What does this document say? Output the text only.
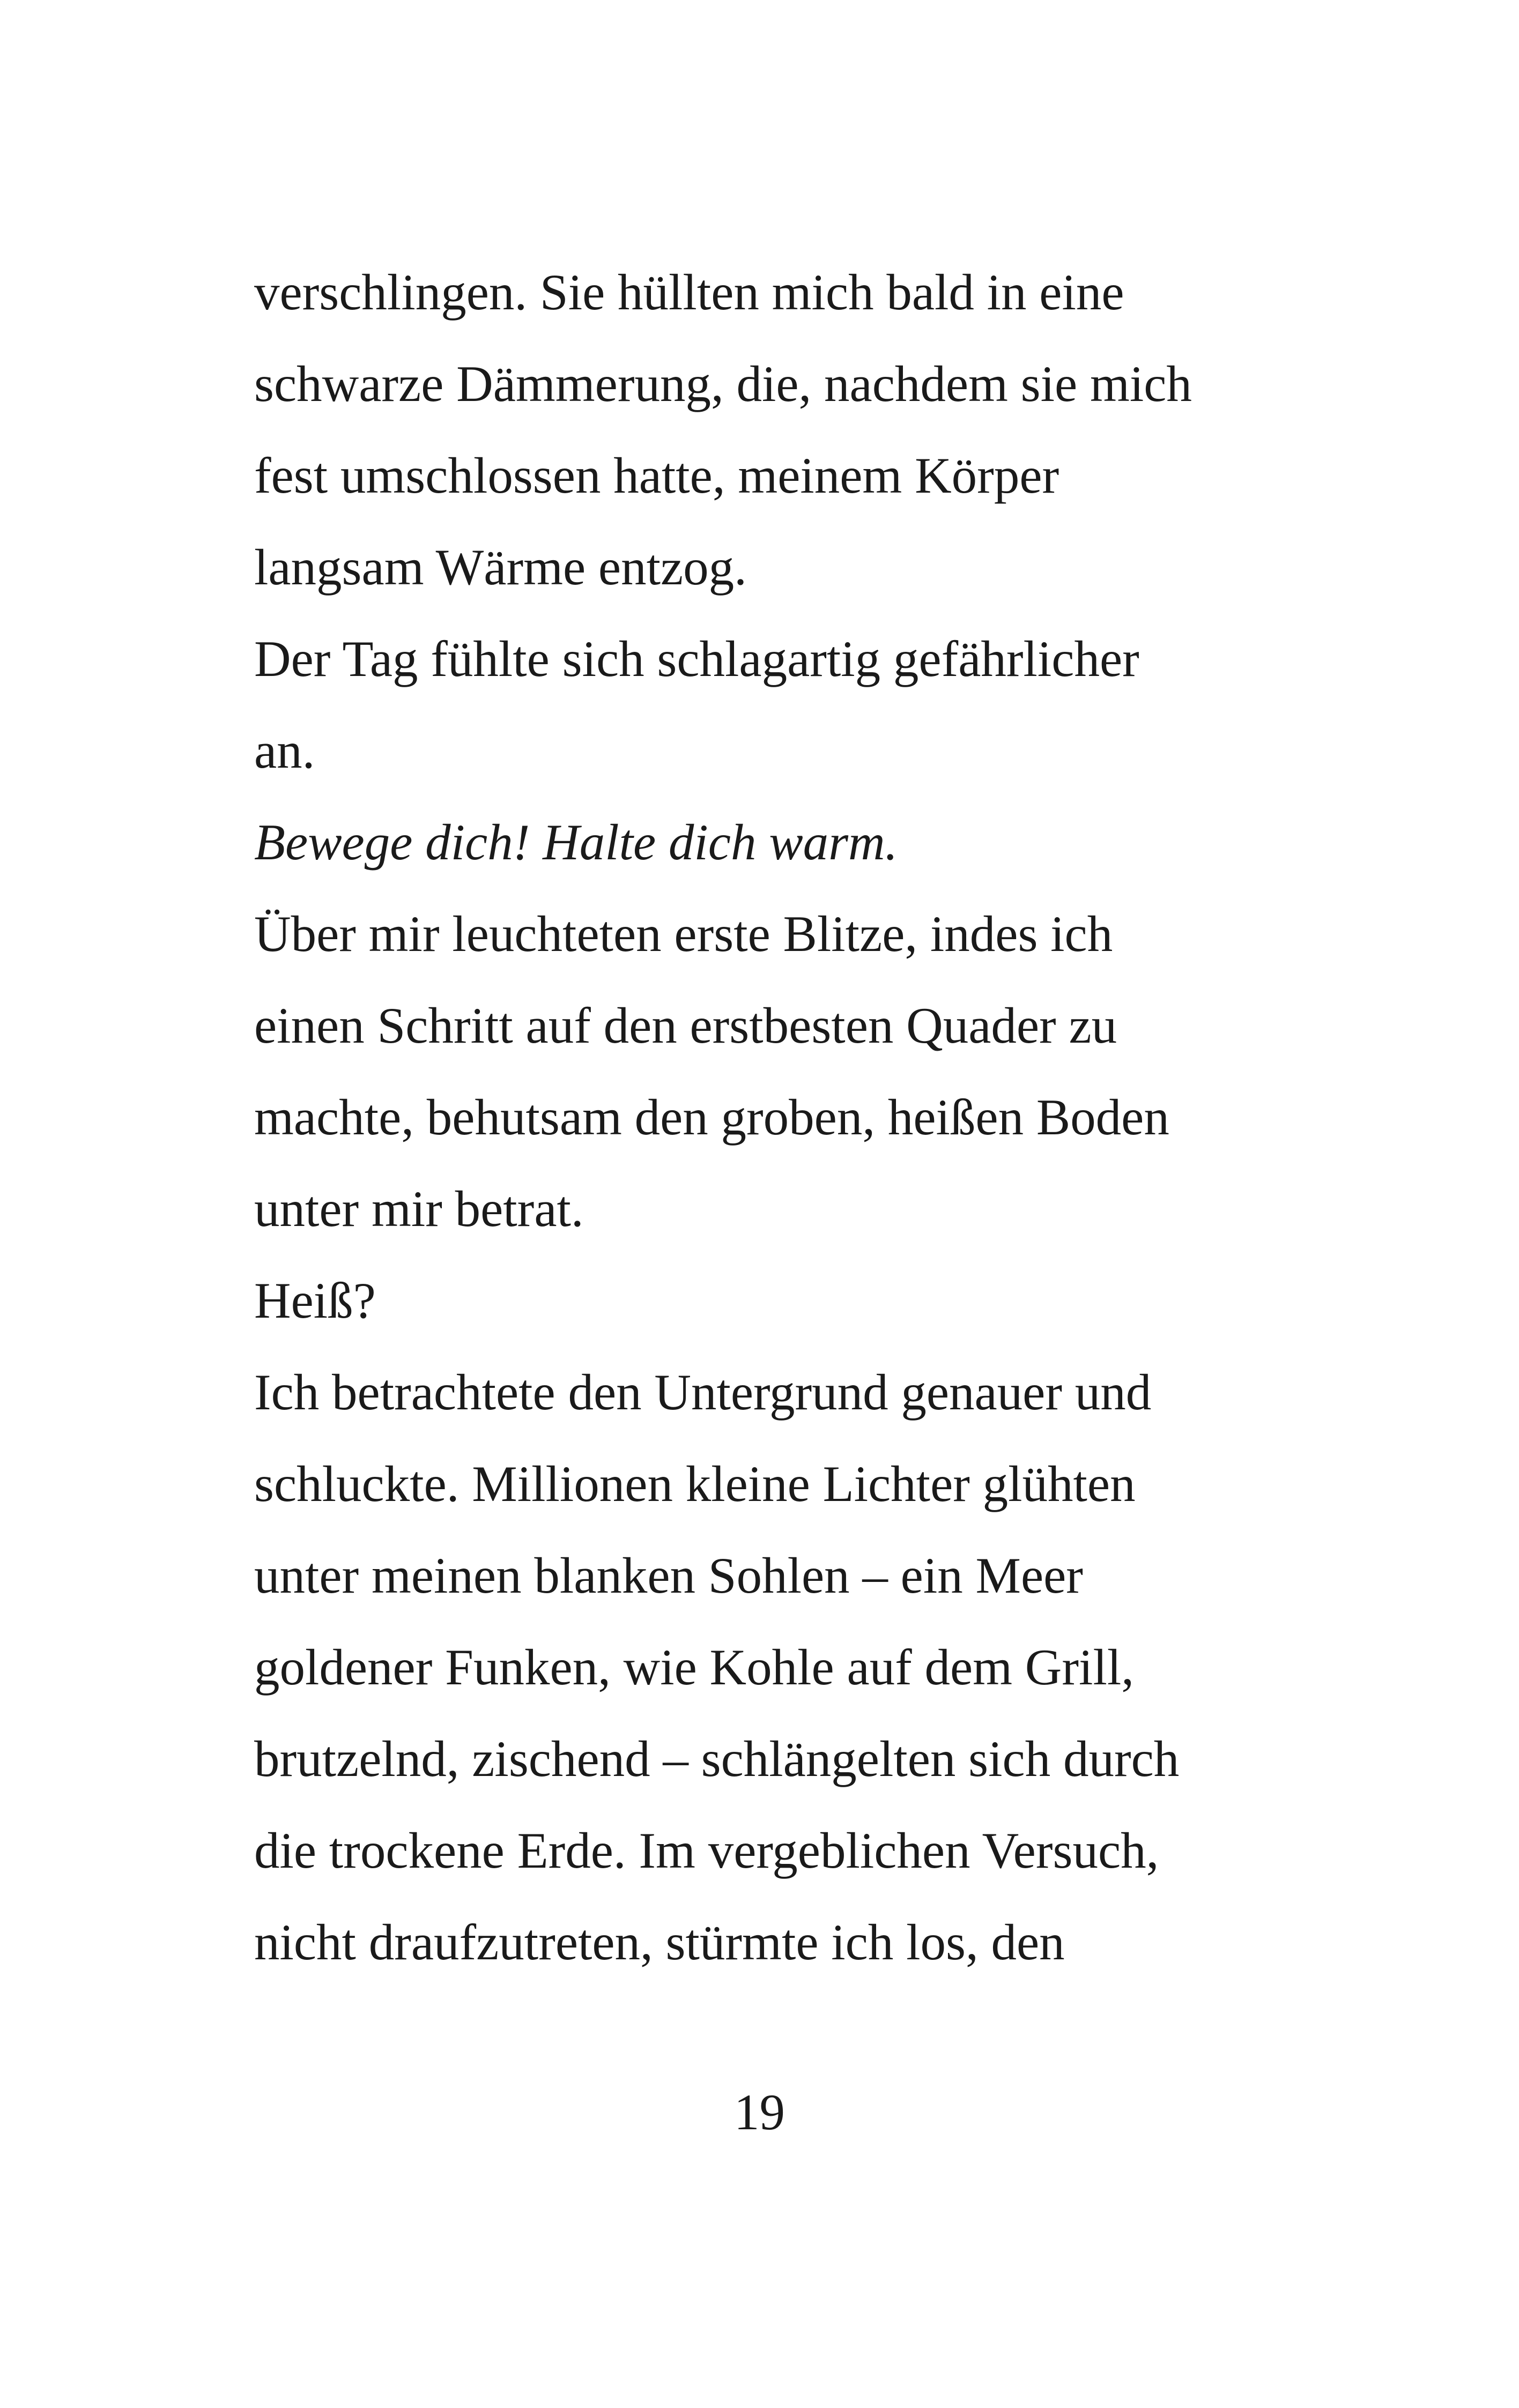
verschlingen. Sie hüllten mich bald in eine
schwarze Dämmerung, die, nachdem sie mich
fest umschlossen hatte, meinem Körper
langsam Wärme entzog.
Der Tag fühlte sich schlagartig gefährlicher
an.
Bewege dich! Halte dich warm.
Über mir leuchteten erste Blitze, indes ich
einen Schritt auf den erstbesten Quader zu
machte, behutsam den groben, heißen Boden
unter mir betrat.
Heiß?
Ich betrachtete den Untergrund genauer und
schluckte. Millionen kleine Lichter glühten
unter meinen blanken Sohlen – ein Meer
goldener Funken, wie Kohle auf dem Grill,
brutzelnd, zischend – schlängelten sich durch
die trockene Erde. Im vergeblichen Versuch,
nicht draufzutreten, stürmte ich los, den
19
